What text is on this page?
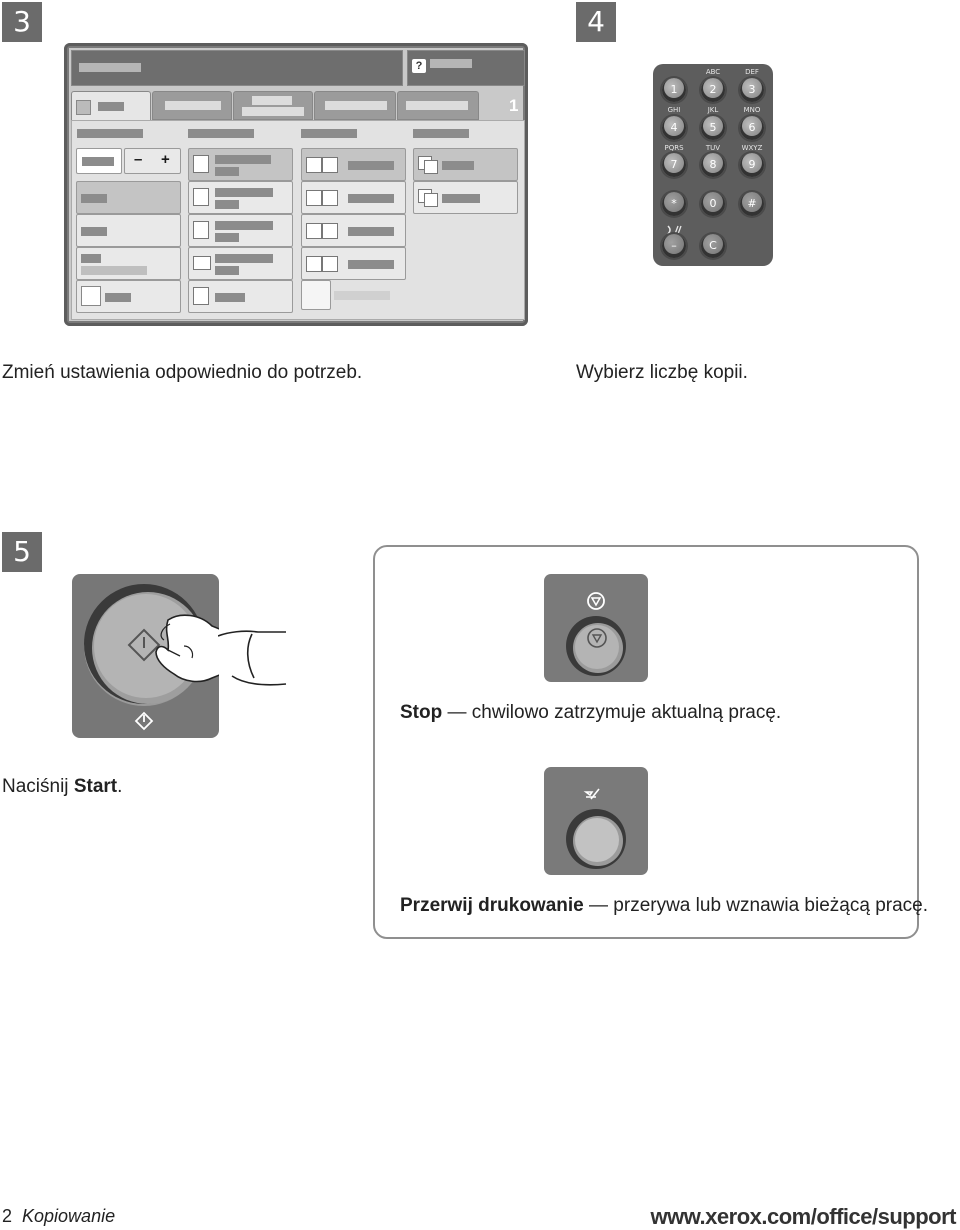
3	4
5
?
1
– +
ABC	DEF
1	2	3
GHI	JKL	MNO
4	5	6
PQRS	TUV	WXYZ
7	8	9
*	0	#
–	C
Zmień ustawienia odpowiednio do potrzeb.	Wybierz liczbę kopii.
Naciśnij Start.
Stop — chwilowo zatrzymuje aktualną pracę.
Przerwij drukowanie — przerywa lub wznawia bieżącą pracę.
2 Kopiowanie	www.xerox.com/office/support
